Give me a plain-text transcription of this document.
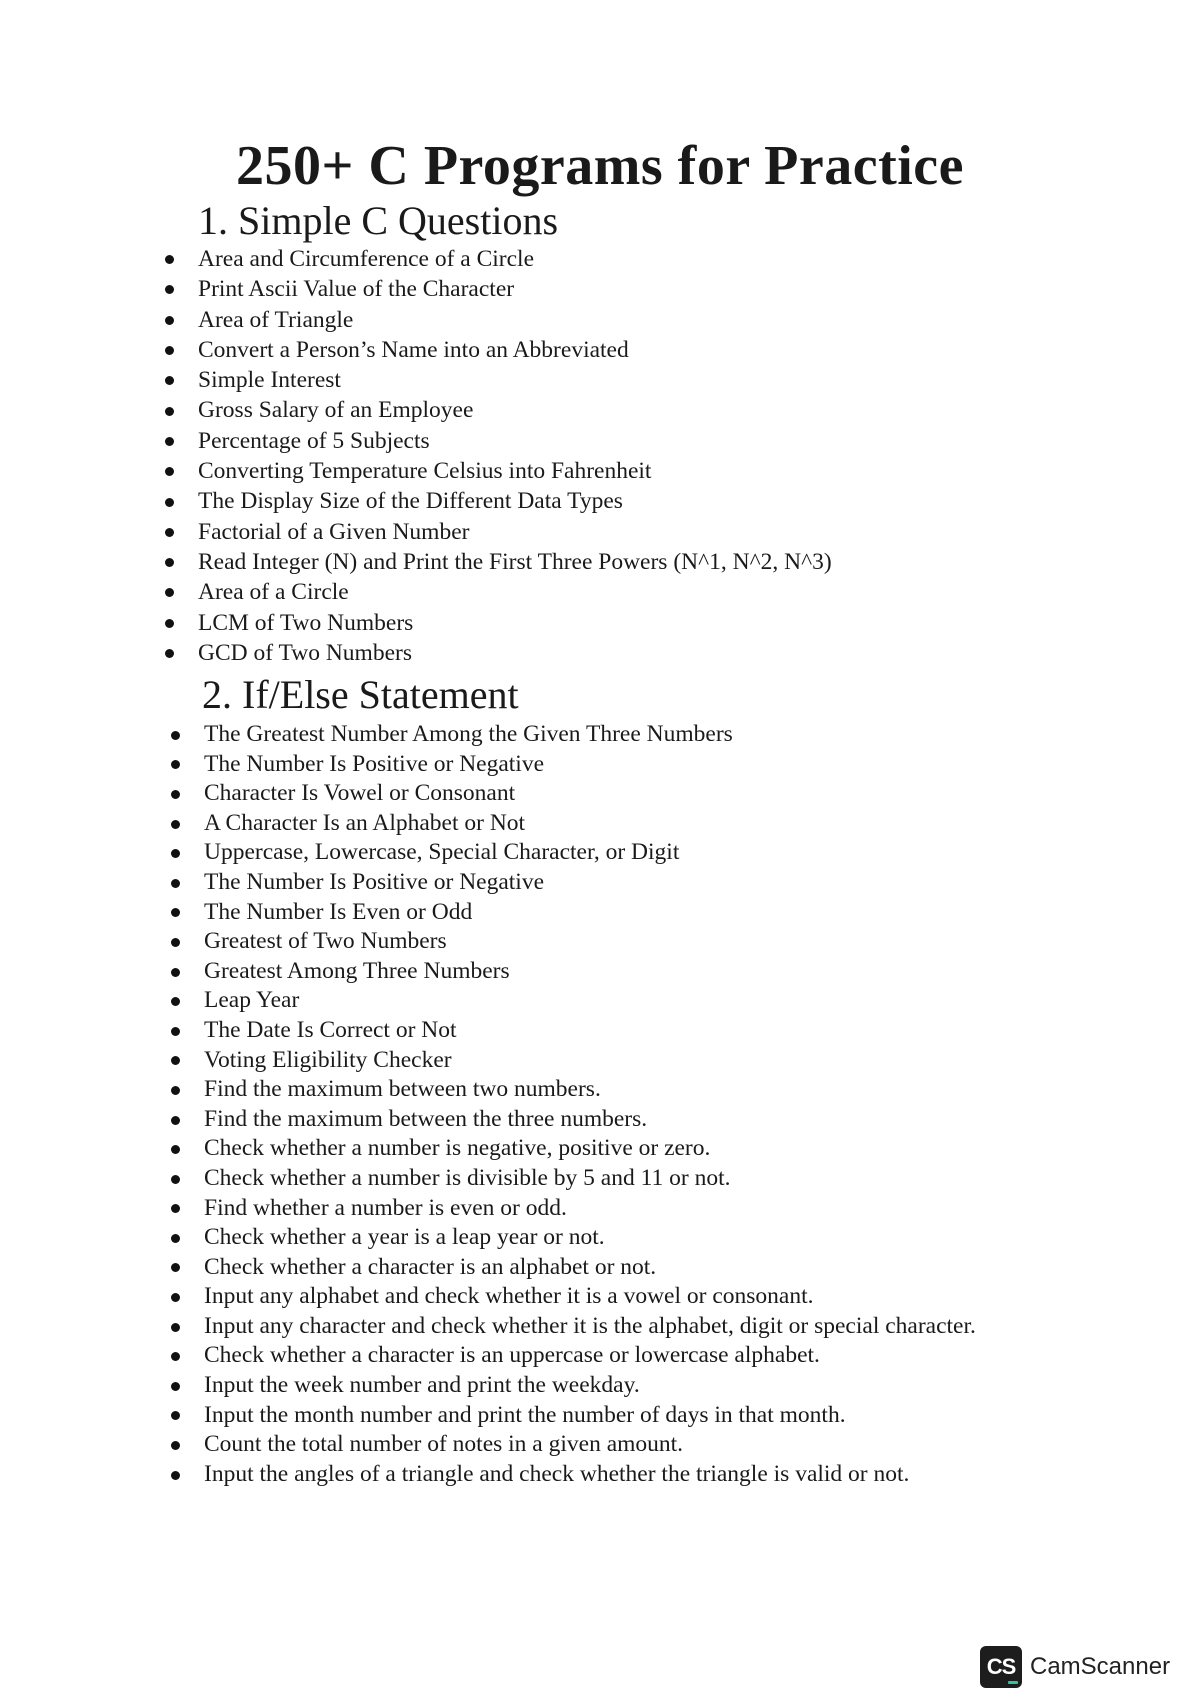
250+ C Programs for Practice
1. Simple C Questions
Area and Circumference of a Circle
Print Ascii Value of the Character
Area of Triangle
Convert a Person’s Name into an Abbreviated
Simple Interest
Gross Salary of an Employee
Percentage of 5 Subjects
Converting Temperature Celsius into Fahrenheit
The Display Size of the Different Data Types
Factorial of a Given Number
Read Integer (N) and Print the First Three Powers (N^1, N^2, N^3)
Area of a Circle
LCM of Two Numbers
GCD of Two Numbers
2. If/Else Statement
The Greatest Number Among the Given Three Numbers
The Number Is Positive or Negative
Character Is Vowel or Consonant
A Character Is an Alphabet or Not
Uppercase, Lowercase, Special Character, or Digit
The Number Is Positive or Negative
The Number Is Even or Odd
Greatest of Two Numbers
Greatest Among Three Numbers
Leap Year
The Date Is Correct or Not
Voting Eligibility Checker
Find the maximum between two numbers.
Find the maximum between the three numbers.
Check whether a number is negative, positive or zero.
Check whether a number is divisible by 5 and 11 or not.
Find whether a number is even or odd.
Check whether a year is a leap year or not.
Check whether a character is an alphabet or not.
Input any alphabet and check whether it is a vowel or consonant.
Input any character and check whether it is the alphabet, digit or special character.
Check whether a character is an uppercase or lowercase alphabet.
Input the week number and print the weekday.
Input the month number and print the number of days in that month.
Count the total number of notes in a given amount.
Input the angles of a triangle and check whether the triangle is valid or not.
CS CamScanner
